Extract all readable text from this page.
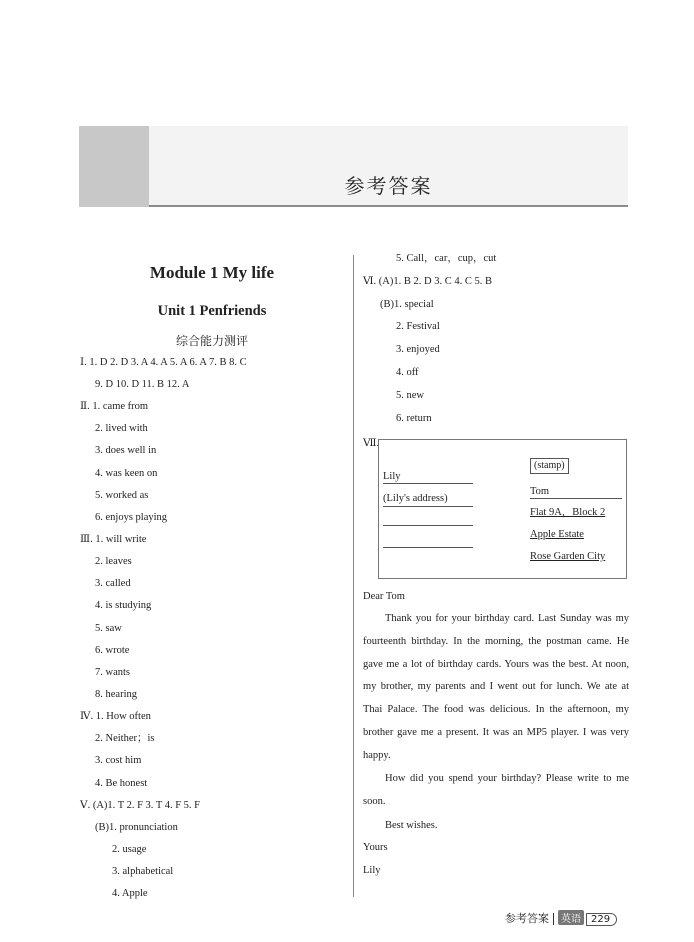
参考答案
Module 1 My life
Unit 1 Penfriends
综合能力测评
Ⅰ. 1. D 2. D 3. A 4. A 5. A 6. A 7. B 8. C
9. D 10. D 11. B 12. A
Ⅱ. 1. came from
2. lived with
3. does well in
4. was keen on
5. worked as
6. enjoys playing
Ⅲ. 1. will write
2. leaves
3. called
4. is studying
5. saw
6. wrote
7. wants
8. hearing
Ⅳ. 1. How often
2. Neither；is
3. cost him
4. Be honest
Ⅴ. (A)1. T 2. F 3. T 4. F 5. F
(B)1. pronunciation
2. usage
3. alphabetical
4. Apple
5. Call，car，cup，cut
Ⅵ. (A)1. B 2. D 3. C 4. C 5. B
(B)1. special
2. Festival
3. enjoyed
4. off
5. new
6. return
Ⅶ.
Lily
(Lily's address)
(stamp)
Tom
Flat 9A，Block 2
Apple Estate
Rose Garden City
Dear Tom
Thank you for your birthday card. Last Sunday was my fourteenth birthday. In the morning, the postman came. He gave me a lot of birthday cards. Yours was the best. At noon, my brother, my parents and I went out for lunch. We ate at Thai Palace. The food was delicious. In the afternoon, my brother gave me a present. It was an MP5 player. I was very happy.
How did you spend your birthday? Please write to me soon.
Best wishes.
Yours
Lily
参考答案 英语 229
